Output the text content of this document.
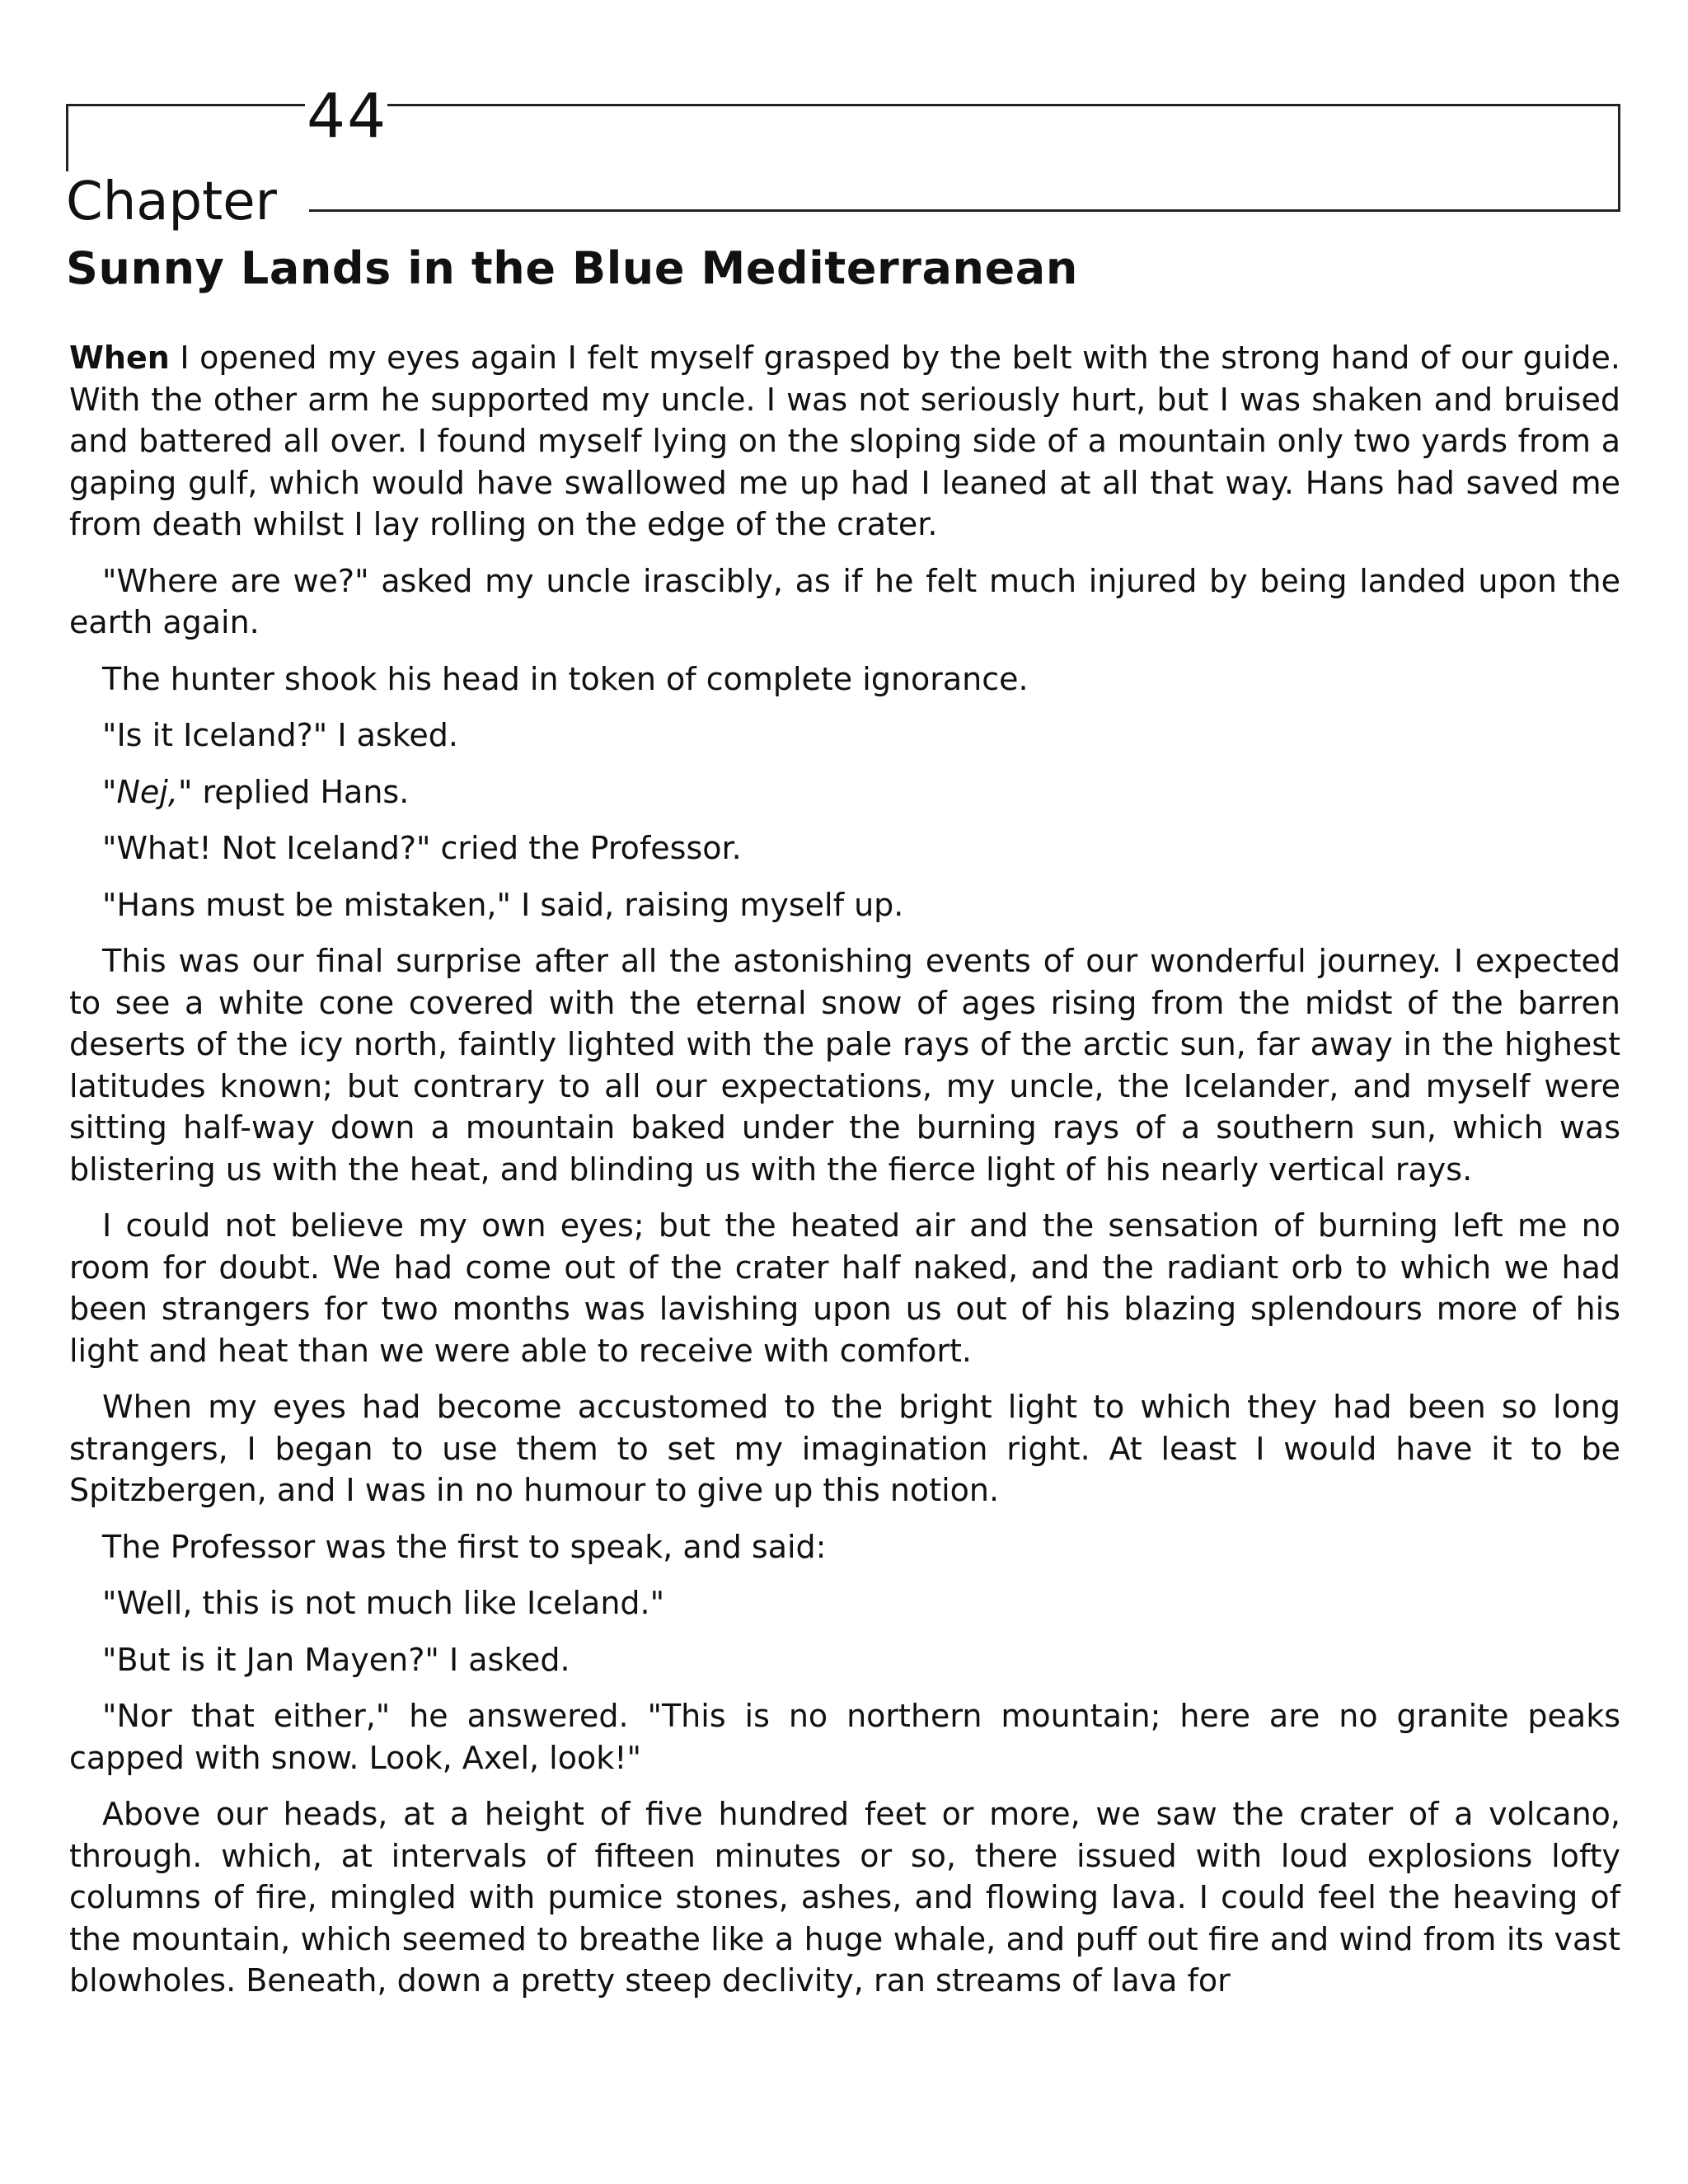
44
Chapter
Sunny Lands in the Blue Mediterranean

When I opened my eyes again I felt myself grasped by the belt with the strong hand of our guide. With the other arm he supported my uncle. I was not seriously hurt, but I was shaken and bruised and battered all over. I found myself lying on the sloping side of a mountain only two yards from a gaping gulf, which would have swallowed me up had I leaned at all that way. Hans had saved me from death whilst I lay rolling on the edge of the crater.

"Where are we?" asked my uncle irascibly, as if he felt much injured by being landed upon the earth again.

The hunter shook his head in token of complete ignorance.

"Is it Iceland?" I asked.

"Nej," replied Hans.

"What! Not Iceland?" cried the Professor.

"Hans must be mistaken," I said, raising myself up.

This was our final surprise after all the astonishing events of our wonderful journey. I expected to see a white cone covered with the eternal snow of ages rising from the midst of the barren deserts of the icy north, faintly lighted with the pale rays of the arctic sun, far away in the highest latitudes known; but contrary to all our expectations, my uncle, the Icelander, and myself were sitting half-way down a mountain baked under the burning rays of a southern sun, which was blistering us with the heat, and blinding us with the fierce light of his nearly vertical rays.

I could not believe my own eyes; but the heated air and the sensation of burning left me no room for doubt. We had come out of the crater half naked, and the radiant orb to which we had been strangers for two months was lavishing upon us out of his blazing splendours more of his light and heat than we were able to receive with comfort.

When my eyes had become accustomed to the bright light to which they had been so long strangers, I began to use them to set my imagination right. At least I would have it to be Spitzbergen, and I was in no humour to give up this notion.

The Professor was the first to speak, and said:

"Well, this is not much like Iceland."

"But is it Jan Mayen?" I asked.

"Nor that either," he answered. "This is no northern mountain; here are no granite peaks capped with snow. Look, Axel, look!"

Above our heads, at a height of five hundred feet or more, we saw the crater of a volcano, through. which, at intervals of fifteen minutes or so, there issued with loud explosions lofty columns of fire, mingled with pumice stones, ashes, and flowing lava. I could feel the heaving of the mountain, which seemed to breathe like a huge whale, and puff out fire and wind from its vast blowholes. Beneath, down a pretty steep declivity, ran streams of lava for
